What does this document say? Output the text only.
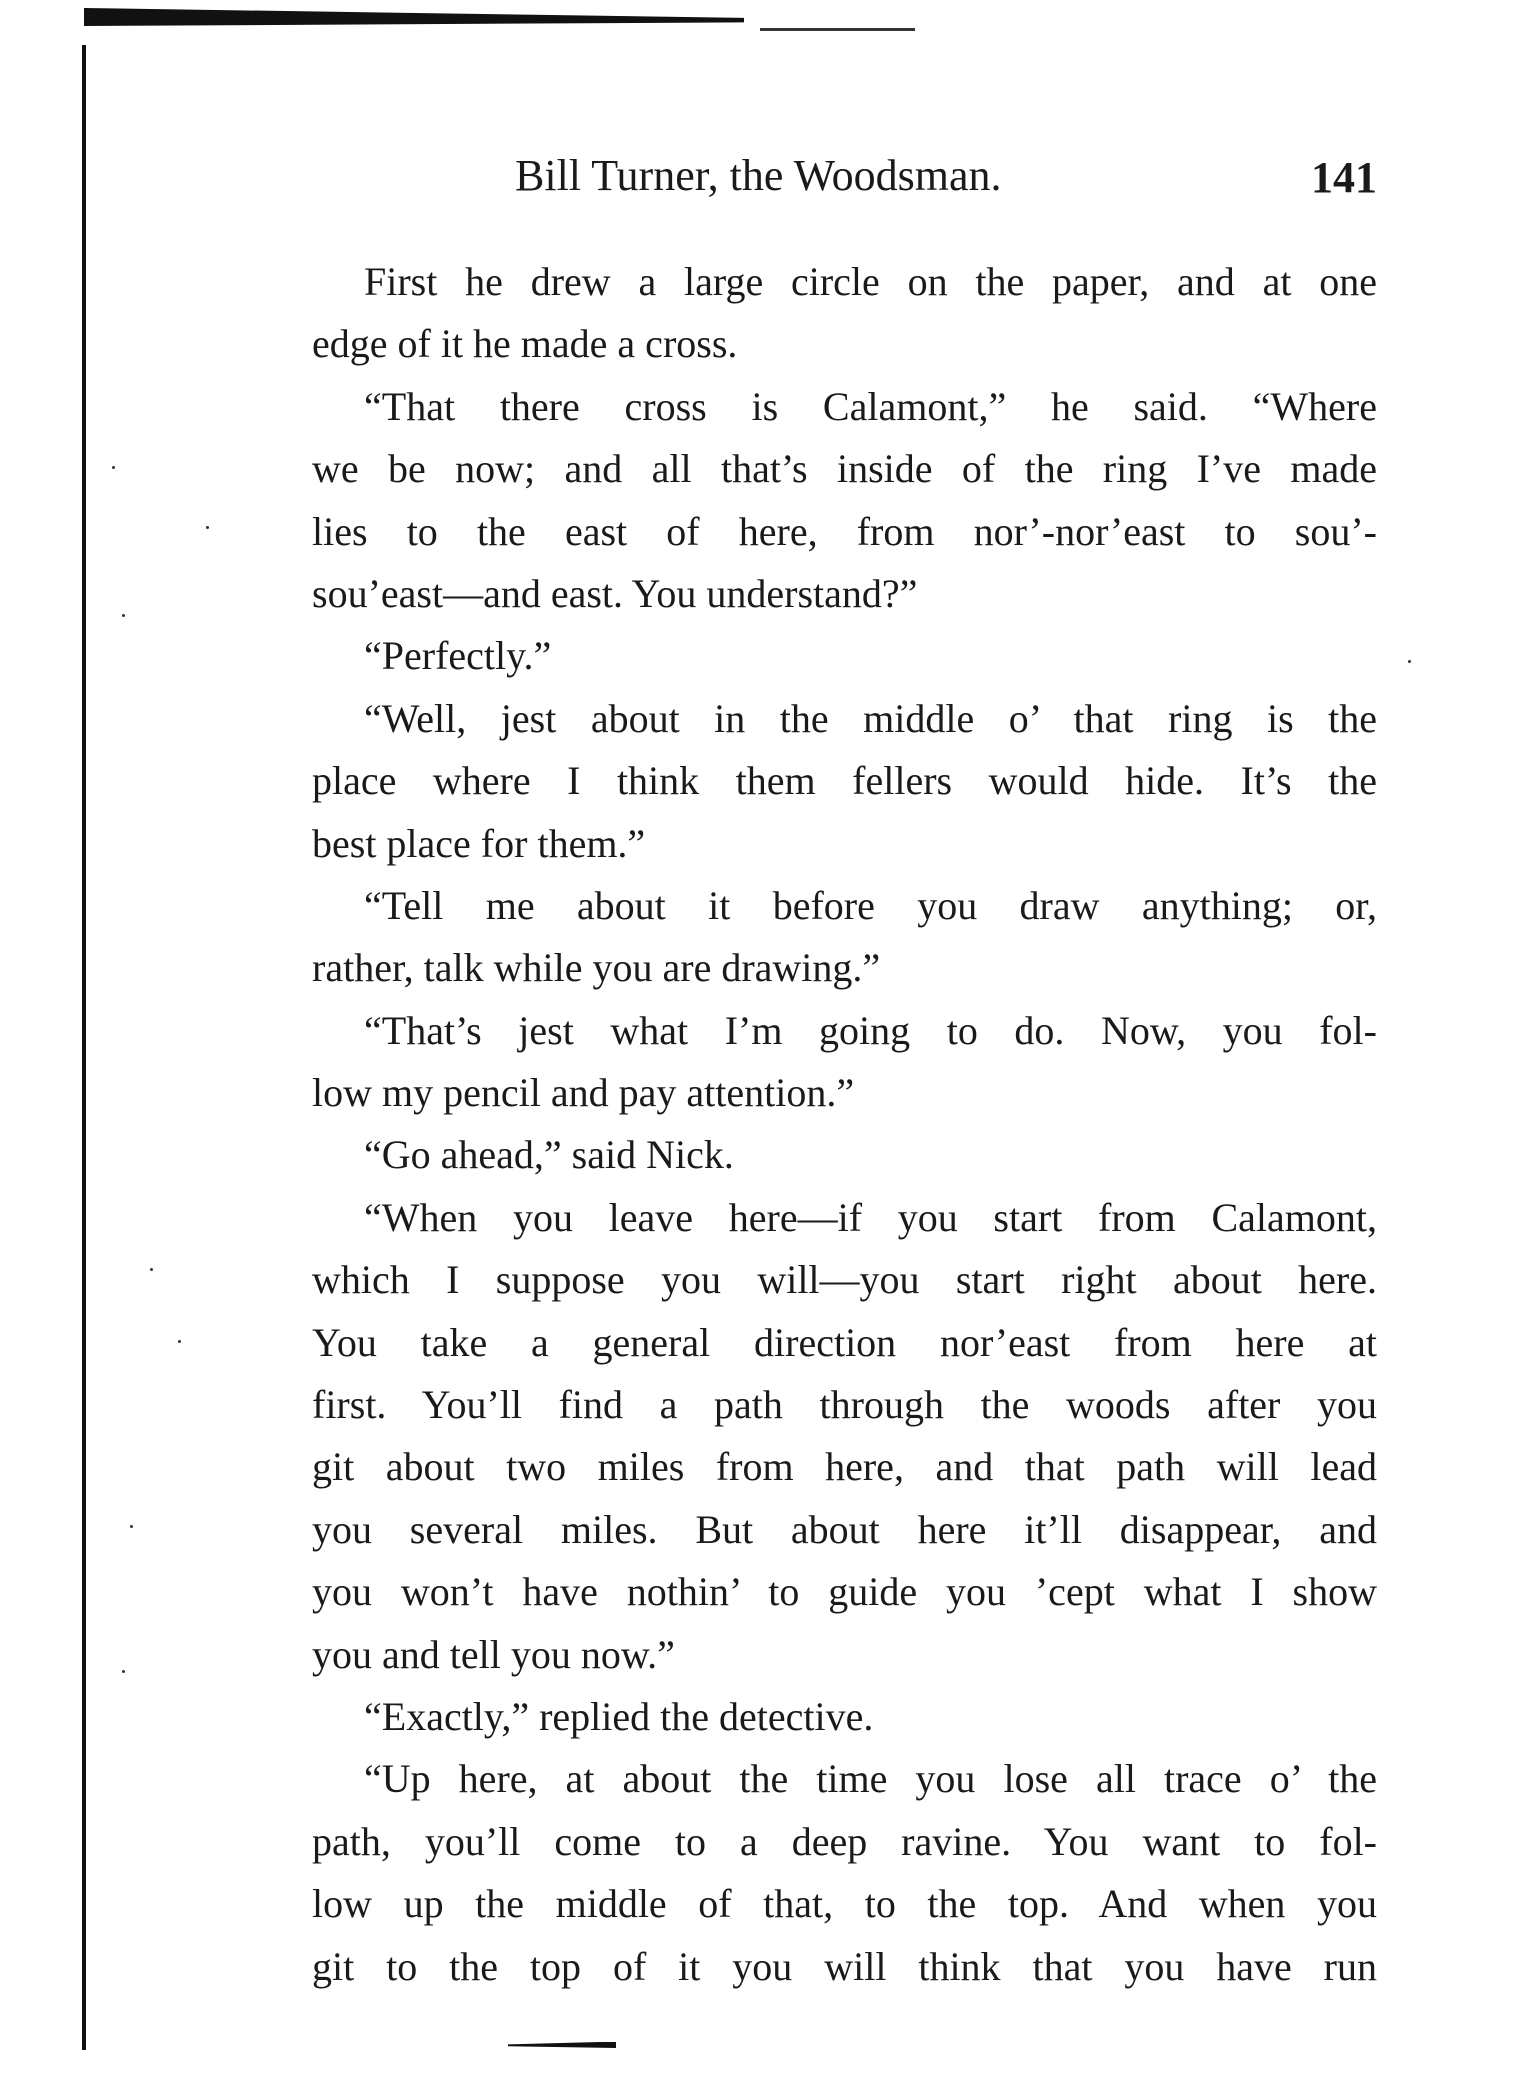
Bill Turner, the Woodsman.	141
First he drew a large circle on the paper, and at one
edge of it he made a cross.
“That there cross is Calamont,” he said. “Where
we be now; and all that’s inside of the ring I’ve made
lies to the east of here, from nor’-nor’east to sou’-
sou’east—and east. You understand?”
“Perfectly.”
“Well, jest about in the middle o’ that ring is the
place where I think them fellers would hide. It’s the
best place for them.”
“Tell me about it before you draw anything; or,
rather, talk while you are drawing.”
“That’s jest what I’m going to do. Now, you fol-
low my pencil and pay attention.”
“Go ahead,” said Nick.
“When you leave here—if you start from Calamont,
which I suppose you will—you start right about here.
You take a general direction nor’east from here at
first. You’ll find a path through the woods after you
git about two miles from here, and that path will lead
you several miles. But about here it’ll disappear, and
you won’t have nothin’ to guide you ’cept what I show
you and tell you now.”
“Exactly,” replied the detective.
“Up here, at about the time you lose all trace o’ the
path, you’ll come to a deep ravine. You want to fol-
low up the middle of that, to the top. And when you
git to the top of it you will think that you have run
